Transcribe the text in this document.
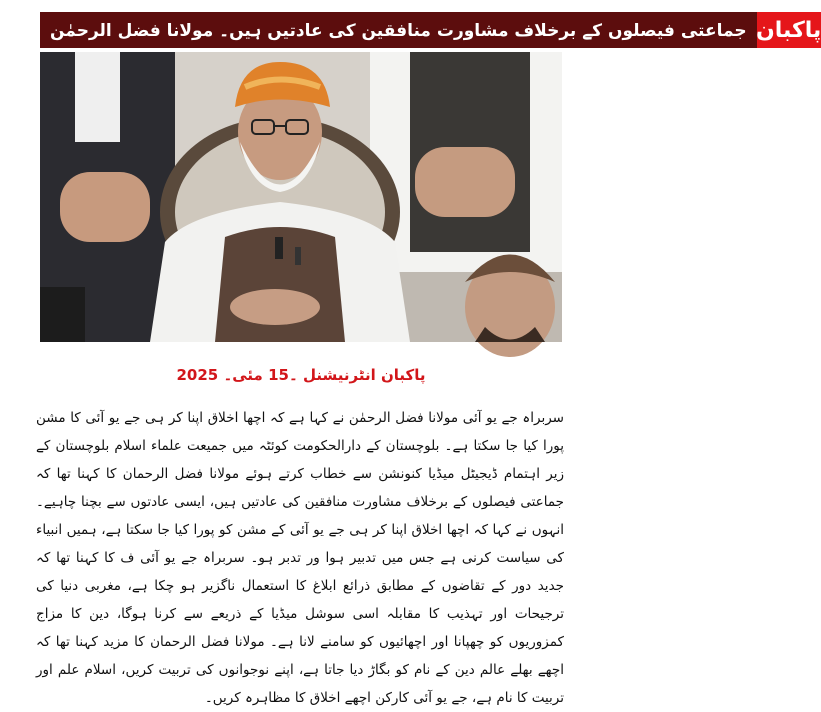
جماعتی فیصلوں کے برخلاف مشاورت منافقین کی عادتیں ہیں۔ مولانا فضل الرحمٰن پاکبان
پاکبان انٹرنیشنل ۔15 مئی۔ 2025
سربراہ جے یو آئی مولانا فضل الرحمٰن نے کہا ہے کہ اچھا اخلاق اپنا کر ہی جے یو آئی کا مشن پورا کیا جا سکتا ہے۔ بلوچستان کے دارالحکومت کوئٹہ میں جمیعت علماء اسلام بلوچستان کے زیر اہتمام ڈیجیٹل میڈیا کنونشن سے خطاب کرتے ہوئے مولانا فضل الرحمان کا کہنا تھا کہ جماعتی فیصلوں کے برخلاف مشاورت منافقین کی عادتیں ہیں، ایسی عادتوں سے بچنا چاہیے۔ انہوں نے کہا کہ اچھا اخلاق اپنا کر ہی جے یو آئی کے مشن کو پورا کیا جا سکتا ہے، ہمیں انبیاء کی سیاست کرنی ہے جس میں تدبیر ہوا ور تدبر ہو۔ سربراہ جے یو آئی ف کا کہنا تھا کہ جدید دور کے تقاضوں کے مطابق ذرائع ابلاغ کا استعمال ناگزیر ہو چکا ہے، مغربی دنیا کی ترجیحات اور تہذیب کا مقابلہ اسی سوشل میڈیا کے ذریعے سے کرنا ہوگا، دین کا مزاج کمزوریوں کو چھپانا اور اچھائیوں کو سامنے لانا ہے۔ مولانا فضل الرحمان کا مزید کہنا تھا کہ اچھے بھلے عالم دین کے نام کو بگاڑ دیا جاتا ہے، اپنے نوجوانوں کی تربیت کریں، اسلام علم اور تربیت کا نام ہے، جے یو آئی کارکن اچھے اخلاق کا مظاہرہ کریں۔
